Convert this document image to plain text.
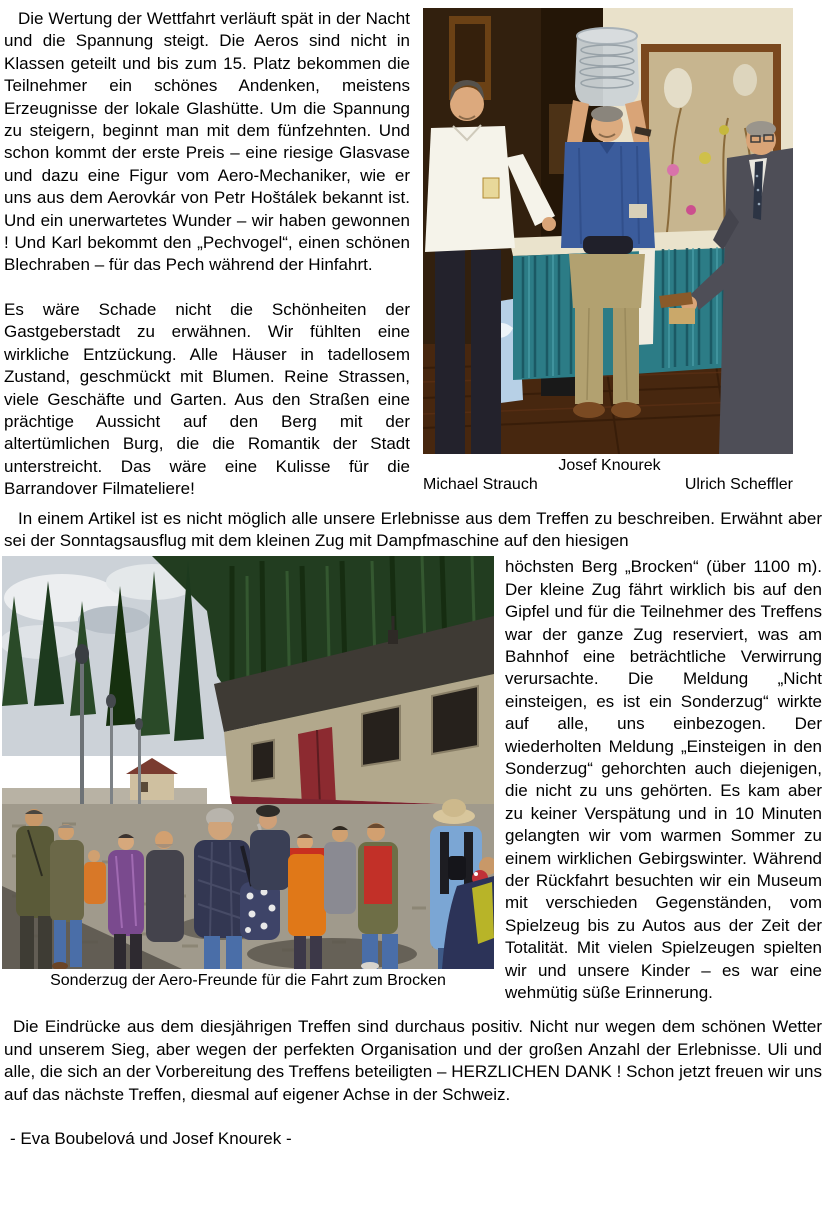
Die Wertung der Wettfahrt verläuft spät in der Nacht und die Spannung steigt. Die Aeros sind nicht in Klassen geteilt und bis zum 15. Platz bekommen die Teilnehmer ein schönes Andenken, meistens Erzeugnisse der lokale Glashütte. Um die Spannung zu steigern, beginnt man mit dem fünfzehnten. Und schon kommt der erste Preis – eine riesige Glasvase und dazu eine Figur vom Aero-Mechaniker, wie er uns aus dem Aerovkár von Petr Hoštálek bekannt ist. Und ein unerwartetes Wunder – wir haben gewonnen ! Und Karl bekommt den „Pechvogel“, einen schönen Blechraben – für das Pech während der Hinfahrt.

Es wäre Schade nicht die Schönheiten der Gastgeberstadt zu erwähnen. Wir fühlten eine wirkliche Entzückung. Alle Häuser in tadellosem Zustand, geschmückt mit Blumen. Reine Strassen, viele Geschäfte und Garten. Aus den Straßen eine prächtige Aussicht auf den Berg mit der altertümlichen Burg, die die Romantik der Stadt unterstreicht. Das wäre eine Kulisse für die Barrandover Filmateliere!

Josef Knourek
Michael Strauch	Ulrich Scheffler

In einem Artikel ist es nicht möglich alle unsere Erlebnisse aus dem Treffen zu beschreiben. Erwähnt aber sei der Sonntagsausflug mit dem kleinen Zug mit Dampfmaschine auf den hiesigen

Sonderzug der Aero-Freunde für die Fahrt zum Brocken

höchsten Berg „Brocken“ (über 1100 m). Der kleine Zug fährt wirklich bis auf den Gipfel und für die Teilnehmer des Treffens war der ganze Zug reserviert, was am Bahnhof eine beträchtliche Verwirrung verursachte. Die Meldung „Nicht einsteigen, es ist ein Sonderzug“ wirkte auf alle, uns einbezogen. Der wiederholten Meldung „Einsteigen in den Sonderzug“ gehorchten auch diejenigen, die nicht zu uns gehörten. Es kam aber zu keiner Verspätung und in 10 Minuten gelangten wir vom warmen Sommer zu einem wirklichen Gebirgswinter. Während der Rückfahrt besuchten wir ein Museum mit verschieden Gegenständen, vom Spielzeug bis zu Autos aus der Zeit der Totalität. Mit vielen Spielzeugen spielten wir und unsere Kinder – es war eine wehmütig süße Erinnerung.

Die Eindrücke aus dem diesjährigen Treffen sind durchaus positiv. Nicht nur wegen dem schönen Wetter und unserem Sieg, aber wegen der perfekten Organisation und der großen Anzahl der Erlebnisse. Uli und alle, die sich an der Vorbereitung des Treffens beteiligten – HERZLICHEN DANK ! Schon jetzt freuen wir uns auf das nächste Treffen, diesmal auf eigener Achse in der Schweiz.

- Eva Boubelová und Josef Knourek -
